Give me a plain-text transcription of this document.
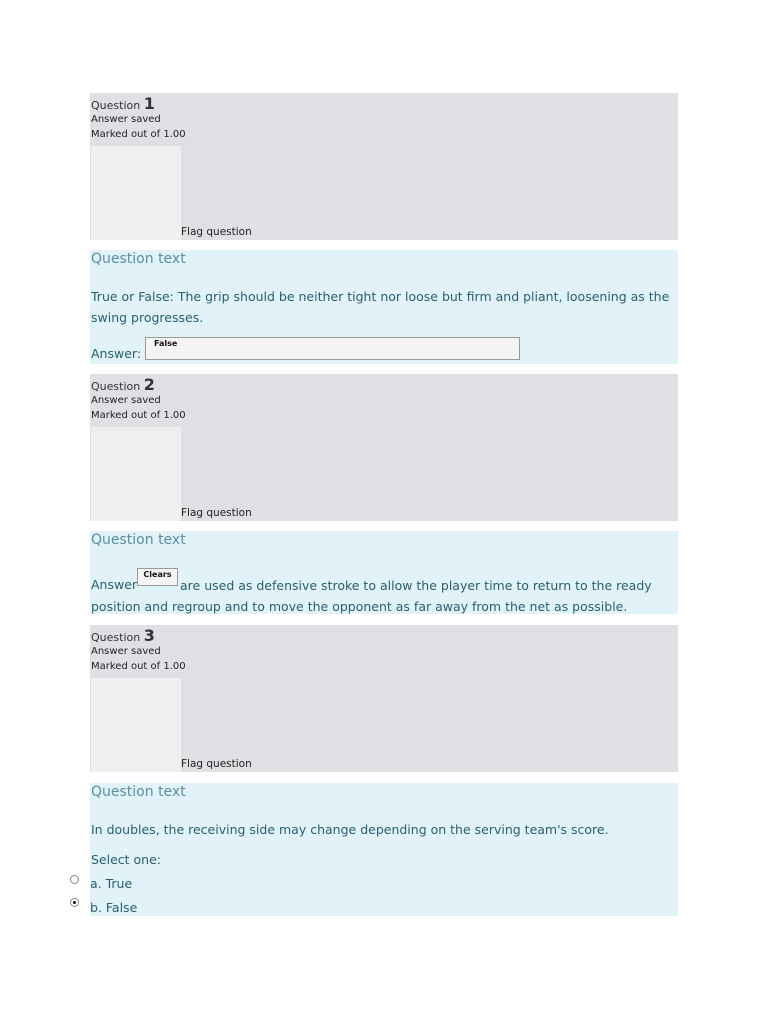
Question 1
Answer saved
Marked out of 1.00
Flag question
Question text
True or False: The grip should be neither tight nor loose but firm and pliant, loosening as the swing progresses.
Answer:
False
Question 2
Answer saved
Marked out of 1.00
Flag question
Question text
Answer
Clears
are used as defensive stroke to allow the player time to return to the ready position and regroup and to move the opponent as far away from the net as possible.
Question 3
Answer saved
Marked out of 1.00
Flag question
Question text
In doubles, the receiving side may change depending on the serving team's score.
Select one:
a. True
b. False
